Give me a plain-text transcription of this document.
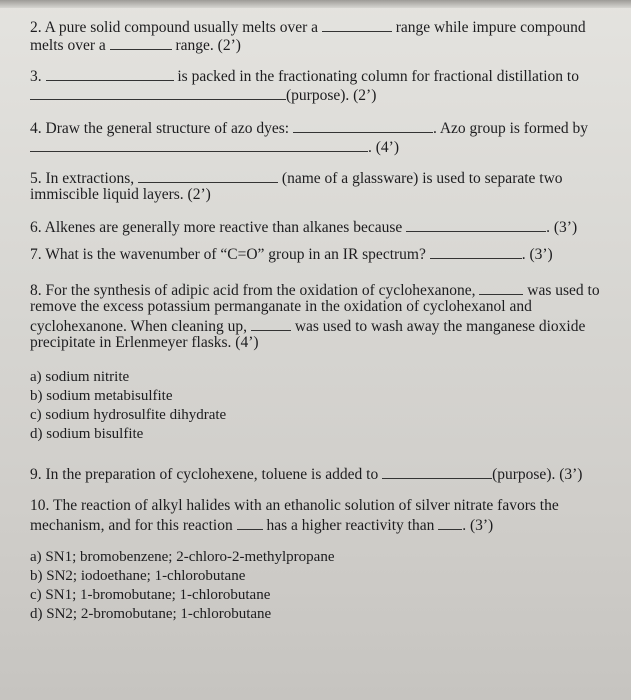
2. A pure solid compound usually melts over a	range while impure compound
melts over a	range. (2’)
3.	is packed in the fractionating column for fractional distillation to
(purpose). (2’)
4. Draw the general structure of azo dyes:	. Azo group is formed by
. (4’)
5. In extractions,	(name of a glassware) is used to separate two
immiscible liquid layers. (2’)
6. Alkenes are generally more reactive than alkanes because	. (3’)
7. What is the wavenumber of “C=O” group in an IR spectrum?	. (3’)
8. For the synthesis of adipic acid from the oxidation of cyclohexanone,	was used to
remove the excess potassium permanganate in the oxidation of cyclohexanol and
cyclohexanone. When cleaning up,	was used to wash away the manganese dioxide
precipitate in Erlenmeyer flasks. (4’)
a) sodium nitrite
b) sodium metabisulfite
c) sodium hydrosulfite dihydrate
d) sodium bisulfite
9. In the preparation of cyclohexene, toluene is added to	(purpose). (3’)
10. The reaction of alkyl halides with an ethanolic solution of silver nitrate favors the
mechanism, and for this reaction has a higher reactivity than . (3’)
a) SN1; bromobenzene; 2-chloro-2-methylpropane
b) SN2; iodoethane; 1-chlorobutane
c) SN1; 1-bromobutane; 1-chlorobutane
d) SN2; 2-bromobutane; 1-chlorobutane
